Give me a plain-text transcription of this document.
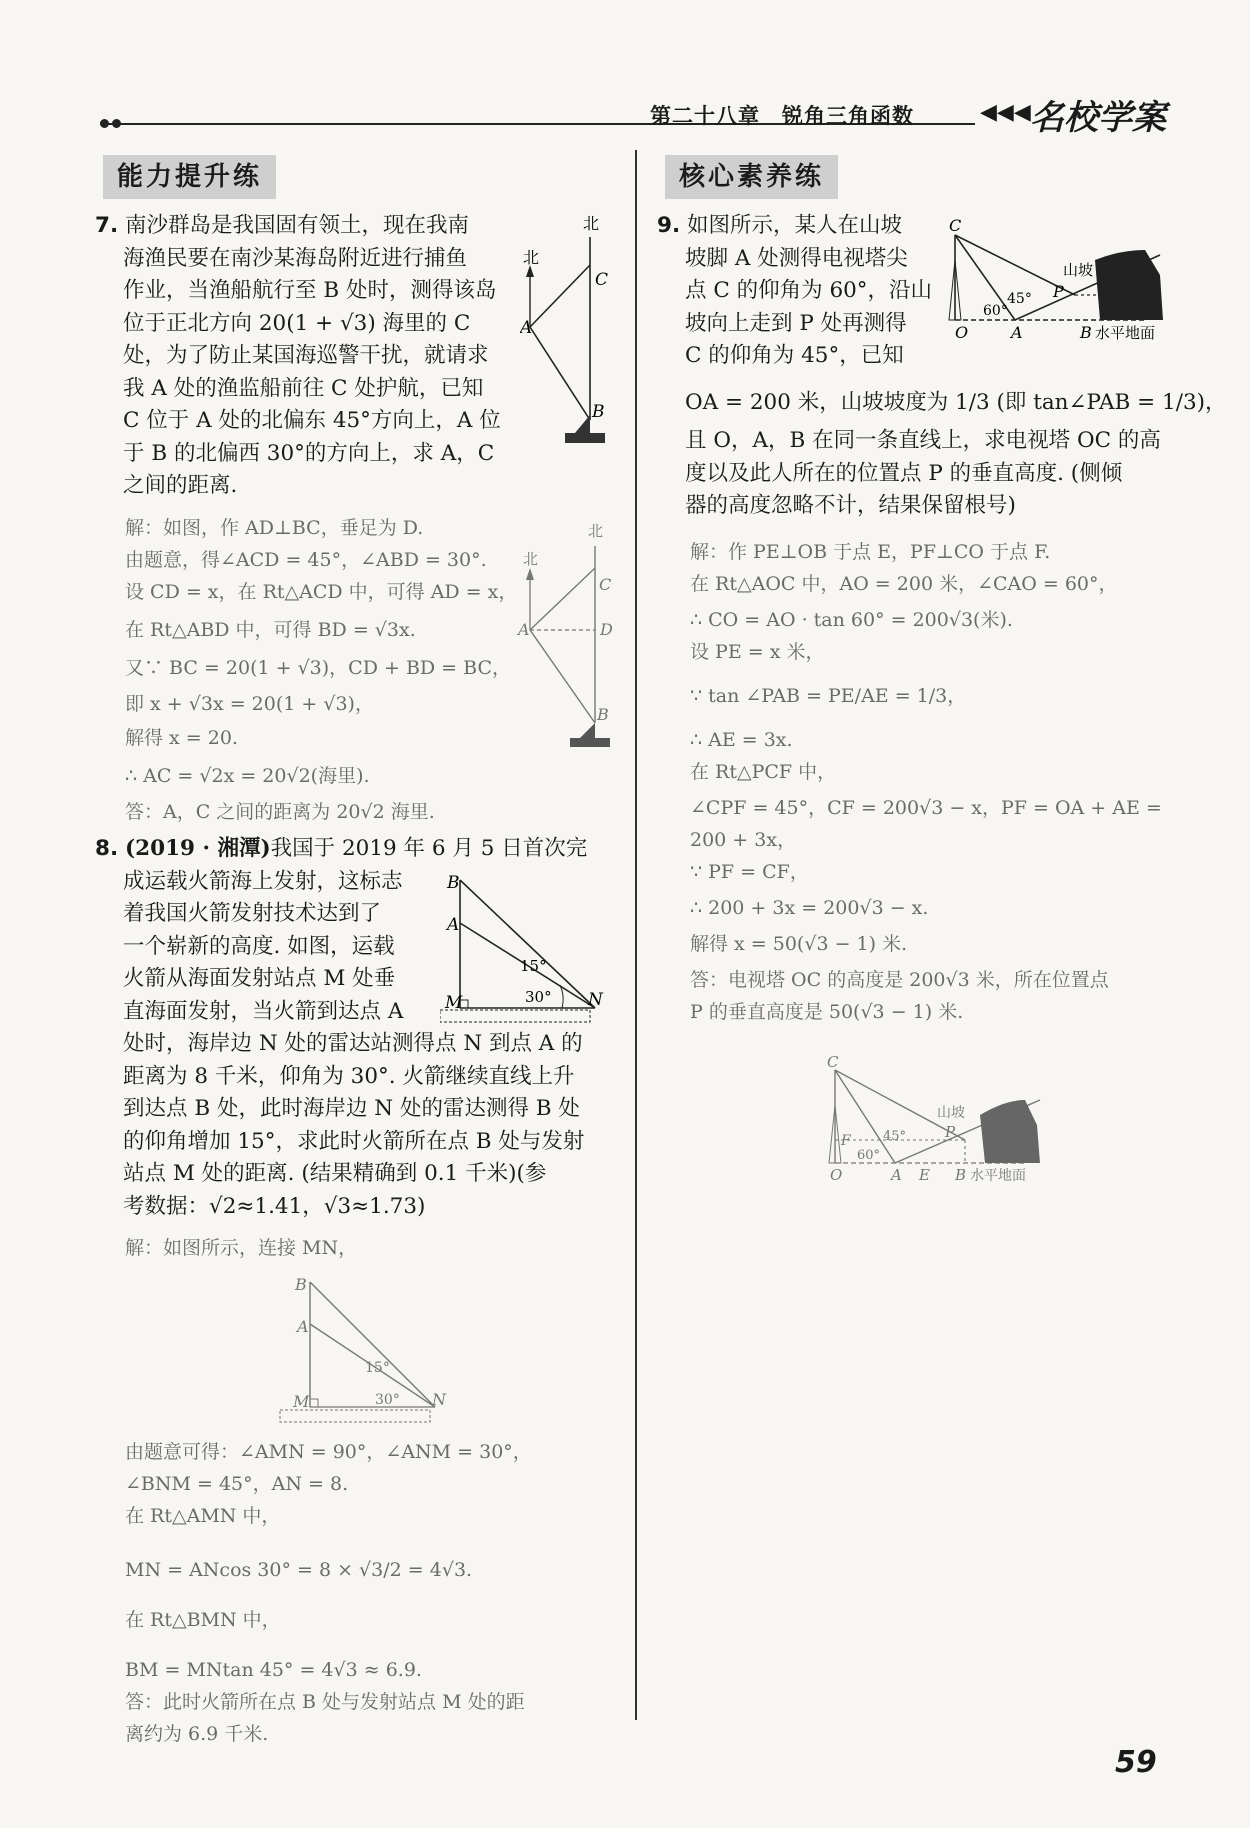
第二十八章　锐角三角函数	◀◀◀ 名校学案
能力提升练
7. 南沙群岛是我国固有领土，现在我南
海渔民要在南沙某海岛附近进行捕鱼
作业，当渔船航行至 B 处时，测得该岛
位于正北方向 20(1 + √3) 海里的 C
处，为了防止某国海巡警干扰，就请求
我 A 处的渔监船前往 C 处护航，已知
C 位于 A 处的北偏东 45°方向上，A 位
于 B 的北偏西 30°的方向上，求 A，C
之间的距离.
北
北
C
A
B
解：如图，作 AD⊥BC，垂足为 D.
由题意，得∠ACD = 45°，∠ABD = 30°.
设 CD = x，在 Rt△ACD 中，可得 AD = x，
在 Rt△ABD 中，可得 BD = √3x.
又∵ BC = 20(1 + √3)，CD + BD = BC，
即 x + √3x = 20(1 + √3)，
解得 x = 20.
∴ AC = √2x = 20√2(海里).
答：A，C 之间的距离为 20√2 海里.
北
北
C
A	D
B
8. (2019 · 湘潭)我国于 2019 年 6 月 5 日首次完
成运载火箭海上发射，这标志
着我国火箭发射技术达到了
一个崭新的高度. 如图，运载
火箭从海面发射站点 M 处垂
直海面发射，当火箭到达点 A
处时，海岸边 N 处的雷达站测得点 N 到点 A 的
距离为 8 千米，仰角为 30°. 火箭继续直线上升
到达点 B 处，此时海岸边 N 处的雷达测得 B 处
的仰角增加 15°，求此时火箭所在点 B 处与发射
站点 M 处的距离. (结果精确到 0.1 千米)(参
考数据：√2≈1.41，√3≈1.73)
B
A
M	N
15°
30°
解：如图所示，连接 MN，
B
A
M	N
15°
30°
由题意可得：∠AMN = 90°，∠ANM = 30°，
∠BNM = 45°，AN = 8.
在 Rt△AMN 中，
MN = ANcos 30° = 8 × √3/2 = 4√3.
在 Rt△BMN 中，
BM = MNtan 45° = 4√3 ≈ 6.9.
答：此时火箭所在点 B 处与发射站点 M 处的距
离约为 6.9 千米.
核心素养练
9. 如图所示，某人在山坡
坡脚 A 处测得电视塔尖
点 C 的仰角为 60°，沿山
坡向上走到 P 处再测得
C 的仰角为 45°，已知
OA = 200 米，山坡坡度为 1/3 (即 tan∠PAB = 1/3)，
且 O，A，B 在同一条直线上，求电视塔 OC 的高
度以及此人所在的位置点 P 的垂直高度. (侧倾
器的高度忽略不计，结果保留根号)
C
O	A	B 水平地面
P
45°
60°
山坡
解：作 PE⊥OB 于点 E，PF⊥CO 于点 F.
在 Rt△AOC 中，AO = 200 米，∠CAO = 60°，
∴ CO = AO · tan 60° = 200√3(米).
设 PE = x 米，
∵ tan ∠PAB = PE/AE = 1/3，
∴ AE = 3x.
在 Rt△PCF 中，
∠CPF = 45°，CF = 200√3 − x，PF = OA + AE =
200 + 3x，
∵ PF = CF，
∴ 200 + 3x = 200√3 − x.
解得 x = 50(√3 − 1) 米.
答：电视塔 OC 的高度是 200√3 米，所在位置点
P 的垂直高度是 50(√3 − 1) 米.
C
F
O	A E B 水平地面
P
45°
60°
山坡
59
